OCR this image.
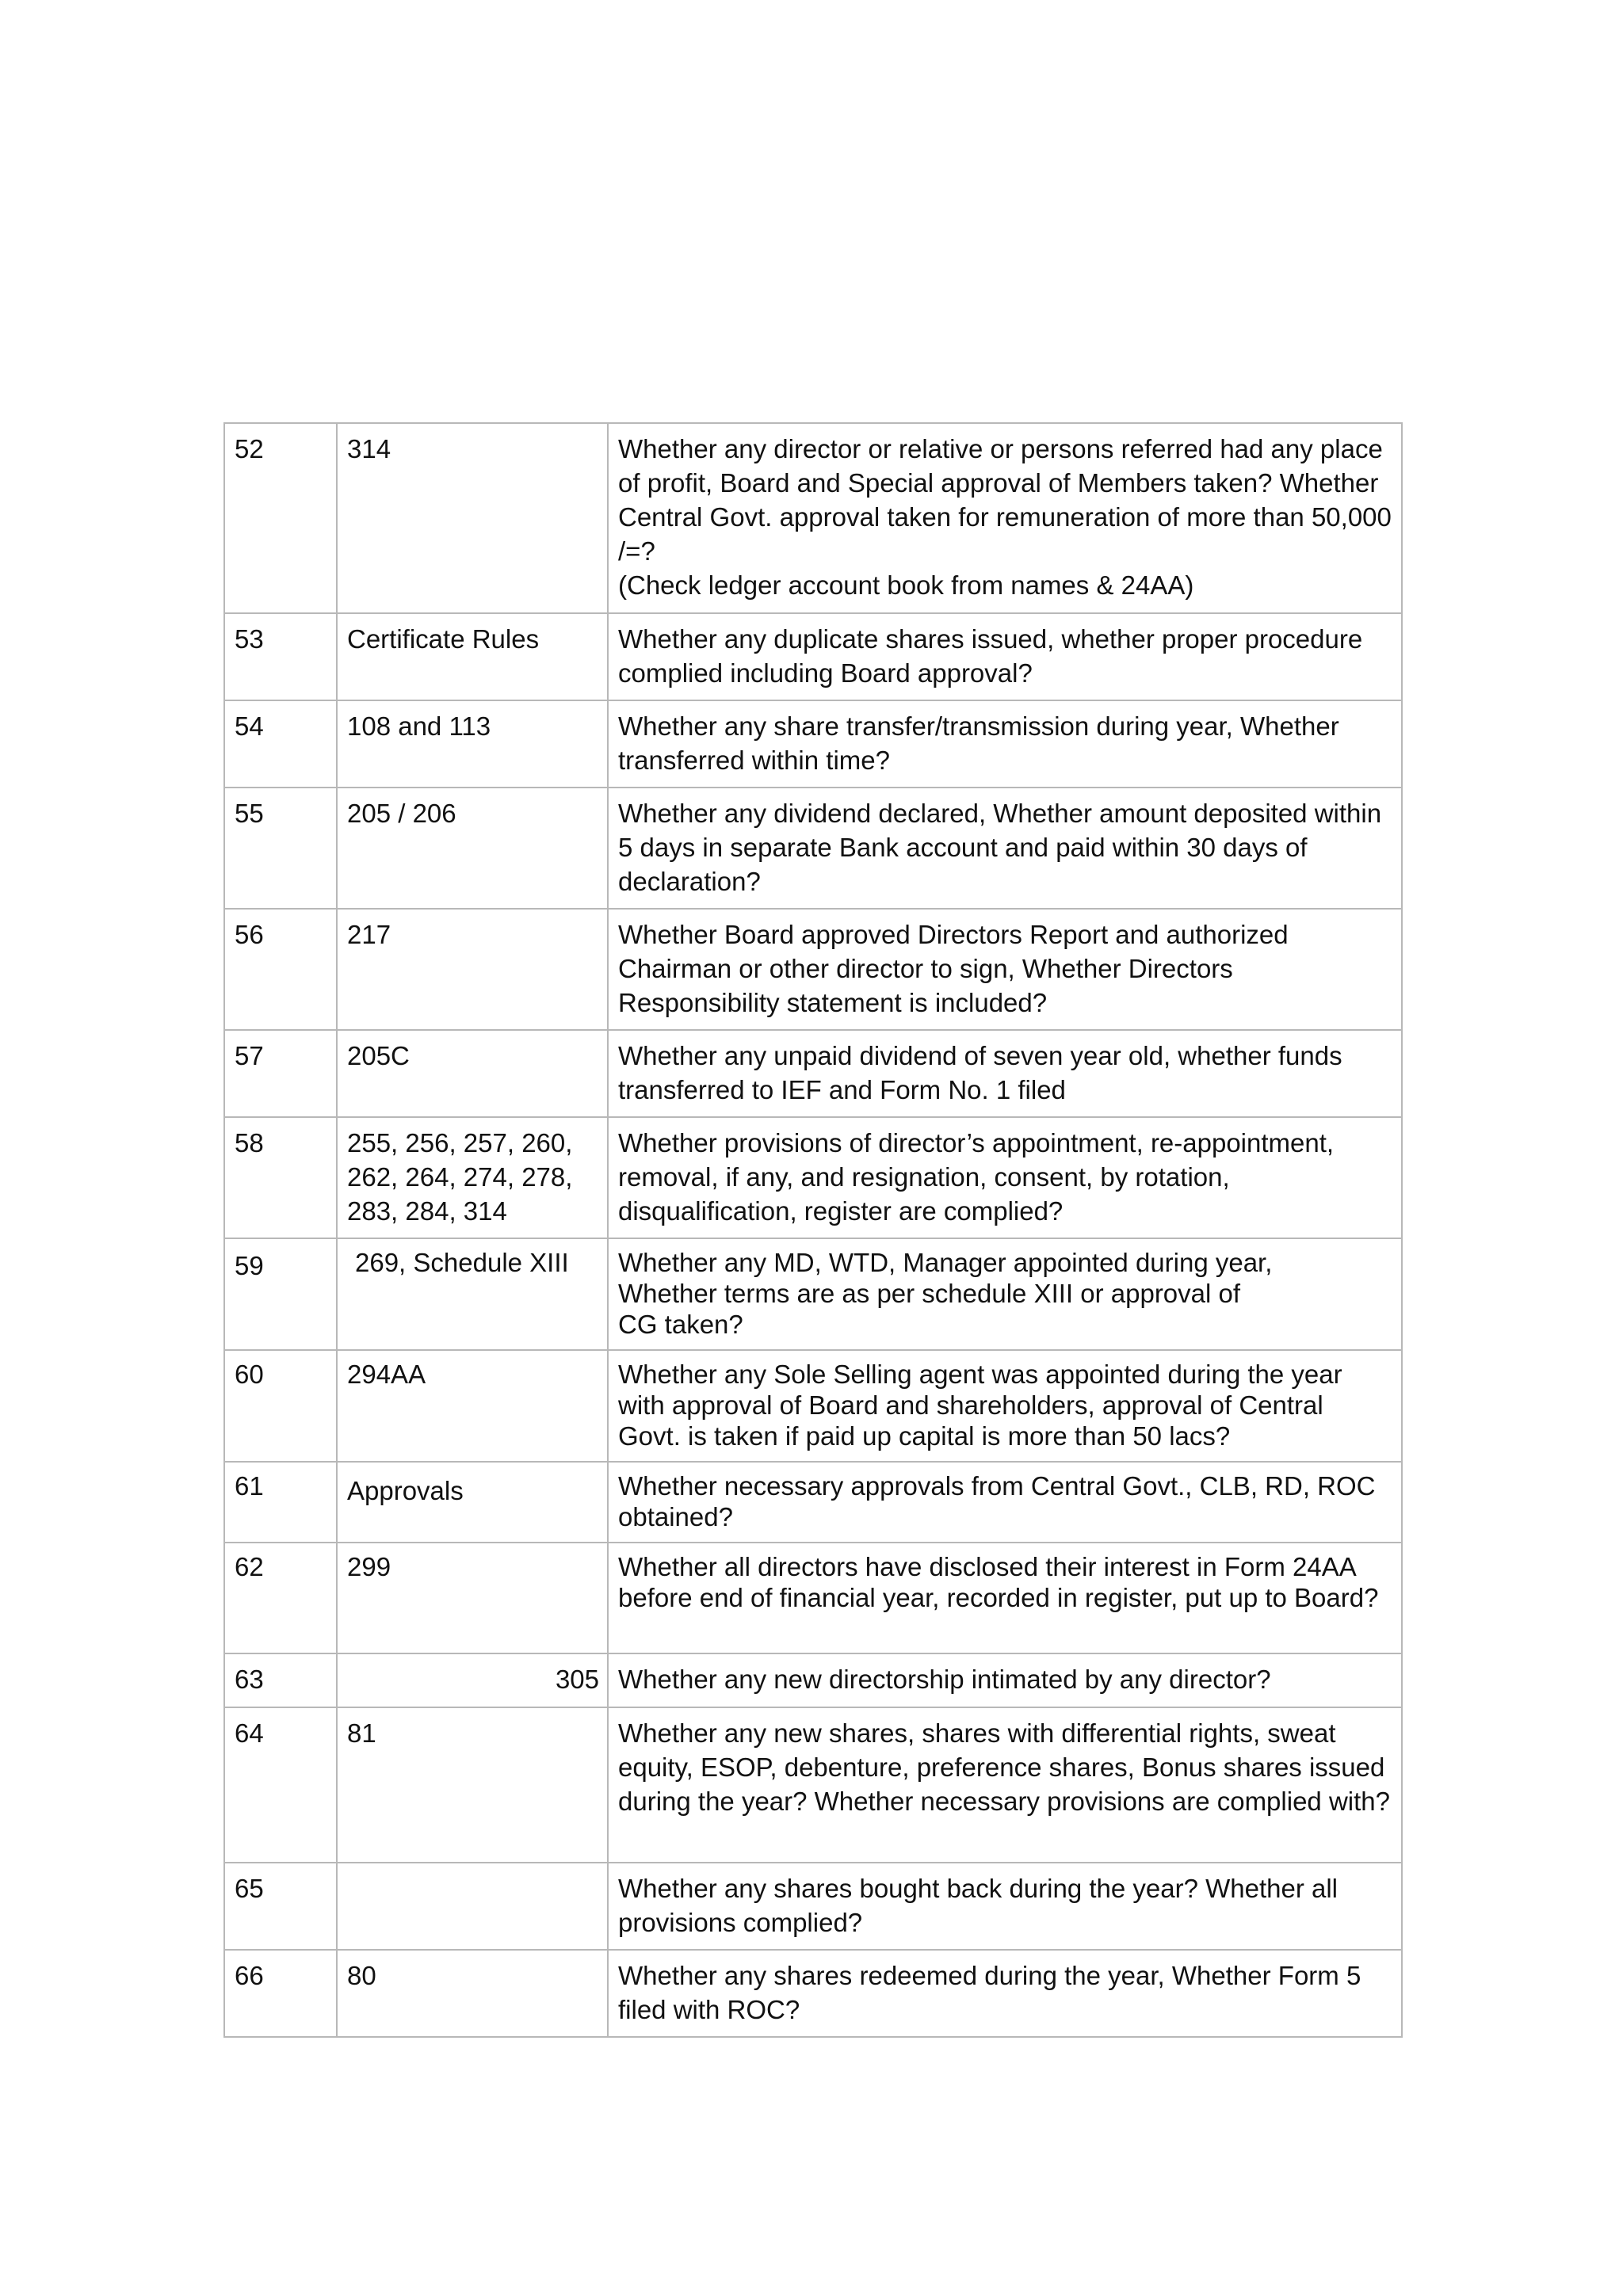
52	314	Whether any director or relative or persons referred had any place of profit, Board and Special approval of Members taken? Whether Central Govt. approval taken for remuneration of more than 50,000 /=?
(Check ledger account book from names & 24AA)
53	Certificate Rules	Whether any duplicate shares issued, whether proper procedure complied including Board approval?
54	108 and 113	Whether any share transfer/transmission during year, Whether transferred within time?
55	205 / 206	Whether any dividend declared, Whether amount deposited within 5 days in separate Bank account and paid within 30 days of declaration?
56	217	Whether Board approved Directors Report and authorized Chairman or other director to sign, Whether Directors Responsibility statement is included?
57	205C	Whether any unpaid dividend of seven year old, whether funds transferred to IEF and Form No. 1 filed
58	255, 256, 257, 260, 262, 264, 274, 278, 283, 284, 314	Whether provisions of director’s appointment, re-appointment, removal, if any, and resignation, consent, by rotation, disqualification, register are complied?
59	269, Schedule XIII	Whether any MD, WTD, Manager appointed during year,
Whether terms are as per schedule XIII or approval of
CG taken?
60	294AA	Whether any Sole Selling agent was appointed during the year with approval of Board and shareholders, approval of Central Govt. is taken if paid up capital is more than 50 lacs?
61	Approvals	Whether necessary approvals from Central Govt., CLB, RD, ROC obtained?
62	299	Whether all directors have disclosed their interest in Form 24AA before end of financial year, recorded in register, put up to Board?
63	305	Whether any new directorship intimated by any director?
64	81	Whether any new shares, shares with differential rights, sweat equity, ESOP, debenture, preference shares, Bonus shares issued during the year? Whether necessary provisions are complied with?
65		Whether any shares bought back during the year? Whether all provisions complied?
66	80	Whether any shares redeemed during the year, Whether Form 5 filed with ROC?
